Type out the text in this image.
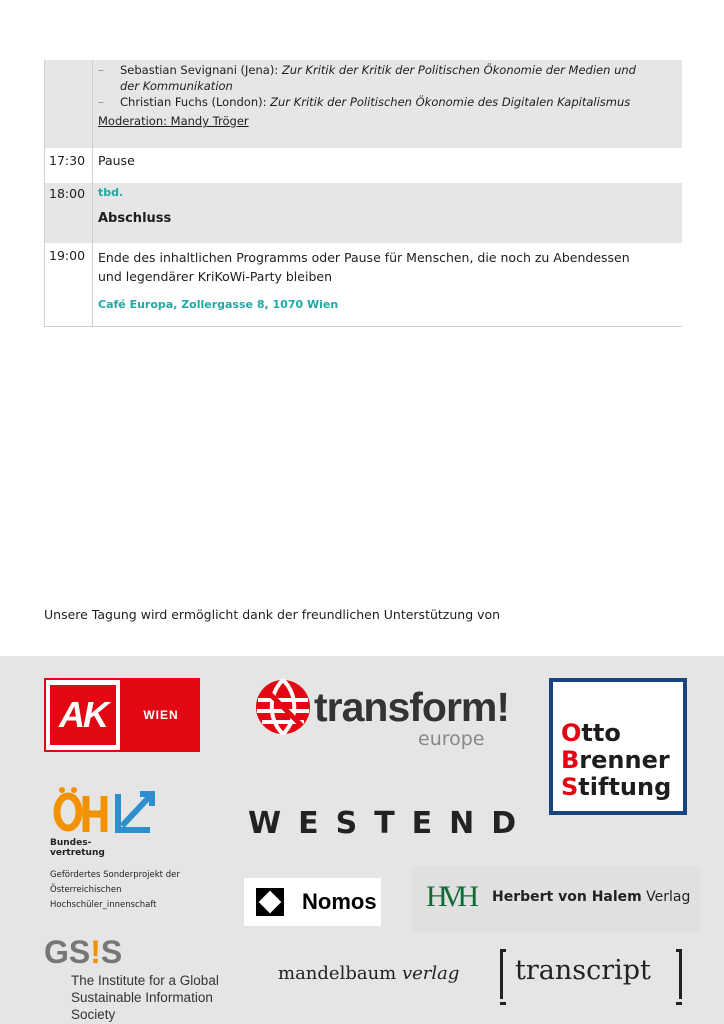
– Sebastian Sevignani (Jena): Zur Kritik der Kritik der Politischen Ökonomie der Medien und
der Kommunikation
– Christian Fuchs (London): Zur Kritik der Politischen Ökonomie des Digitalen Kapitalismus
Moderation: Mandy Tröger
17:30	Pause
18:00	tbd.
Abschluss
19:00	Ende des inhaltlichen Programms oder Pause für Menschen, die noch zu Abendessen
und legendärer KriKoWi-Party bleiben
Café Europa, Zollergasse 8, 1070 Wien
Unsere Tagung wird ermöglicht dank der freundlichen Unterstützung von
AK	WIEN	transform!
europe	Otto
Brenner
Stiftung
Bundes-
vertretung
Gefördertes Sonderprojekt der
Österreichischen
Hochschüler_innenschaft
WESTEND
Nomos HVH Herbert von Halem Verlag
GS!S
The Institute for a Global
Sustainable Information Society
mandelbaum verlag transcript
